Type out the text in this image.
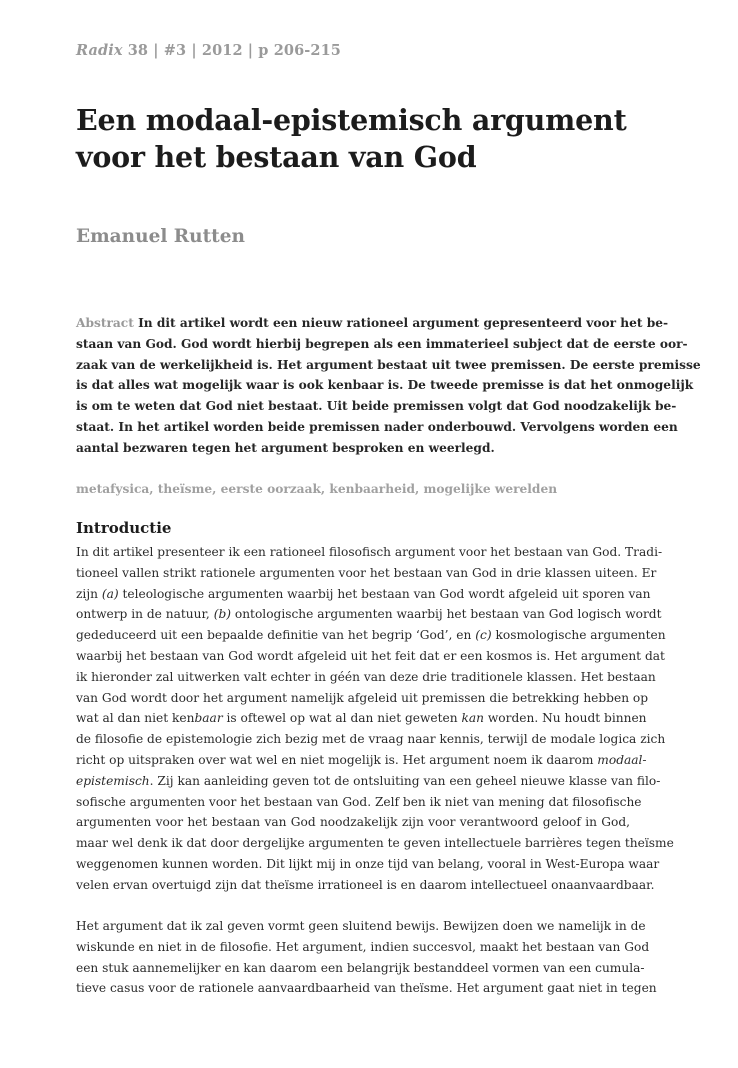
Radix 38 | #3 | 2012 | p 206-215
Een modaal-epistemisch argument
voor het bestaan van God
Emanuel Rutten
Abstract In dit artikel wordt een nieuw rationeel argument gepresenteerd voor het be-
staan van God. God wordt hierbij begrepen als een immaterieel subject dat de eerste oor-
zaak van de werkelijkheid is. Het argument bestaat uit twee premissen. De eerste premisse
is dat alles wat mogelijk waar is ook kenbaar is. De tweede premisse is dat het onmogelijk
is om te weten dat God niet bestaat. Uit beide premissen volgt dat God noodzakelijk be-
staat. In het artikel worden beide premissen nader onderbouwd. Vervolgens worden een
aantal bezwaren tegen het argument besproken en weerlegd.
metafysica, theïsme, eerste oorzaak, kenbaarheid, mogelijke werelden
Introductie
In dit artikel presenteer ik een rationeel filosofisch argument voor het bestaan van God. Tradi-
tioneel vallen strikt rationele argumenten voor het bestaan van God in drie klassen uiteen. Er
zijn (a) teleologische argumenten waarbij het bestaan van God wordt afgeleid uit sporen van
ontwerp in de natuur, (b) ontologische argumenten waarbij het bestaan van God logisch wordt
gededuceerd uit een bepaalde definitie van het begrip ‘God’, en (c) kosmologische argumenten
waarbij het bestaan van God wordt afgeleid uit het feit dat er een kosmos is. Het argument dat
ik hieronder zal uitwerken valt echter in géén van deze drie traditionele klassen. Het bestaan
van God wordt door het argument namelijk afgeleid uit premissen die betrekking hebben op
wat al dan niet kenbaar is oftewel op wat al dan niet geweten kan worden. Nu houdt binnen
de filosofie de epistemologie zich bezig met de vraag naar kennis, terwijl de modale logica zich
richt op uitspraken over wat wel en niet mogelijk is. Het argument noem ik daarom modaal-
epistemisch. Zij kan aanleiding geven tot de ontsluiting van een geheel nieuwe klasse van filo-
sofische argumenten voor het bestaan van God. Zelf ben ik niet van mening dat filosofische
argumenten voor het bestaan van God noodzakelijk zijn voor verantwoord geloof in God,
maar wel denk ik dat door dergelijke argumenten te geven intellectuele barrières tegen theïsme
weggenomen kunnen worden. Dit lijkt mij in onze tijd van belang, vooral in West-Europa waar
velen ervan overtuigd zijn dat theïsme irrationeel is en daarom intellectueel onaanvaardbaar.
Het argument dat ik zal geven vormt geen sluitend bewijs. Bewijzen doen we namelijk in de
wiskunde en niet in de filosofie. Het argument, indien succesvol, maakt het bestaan van God
een stuk aannemelijker en kan daarom een belangrijk bestanddeel vormen van een cumula-
tieve casus voor de rationele aanvaardbaarheid van theïsme. Het argument gaat niet in tegen
